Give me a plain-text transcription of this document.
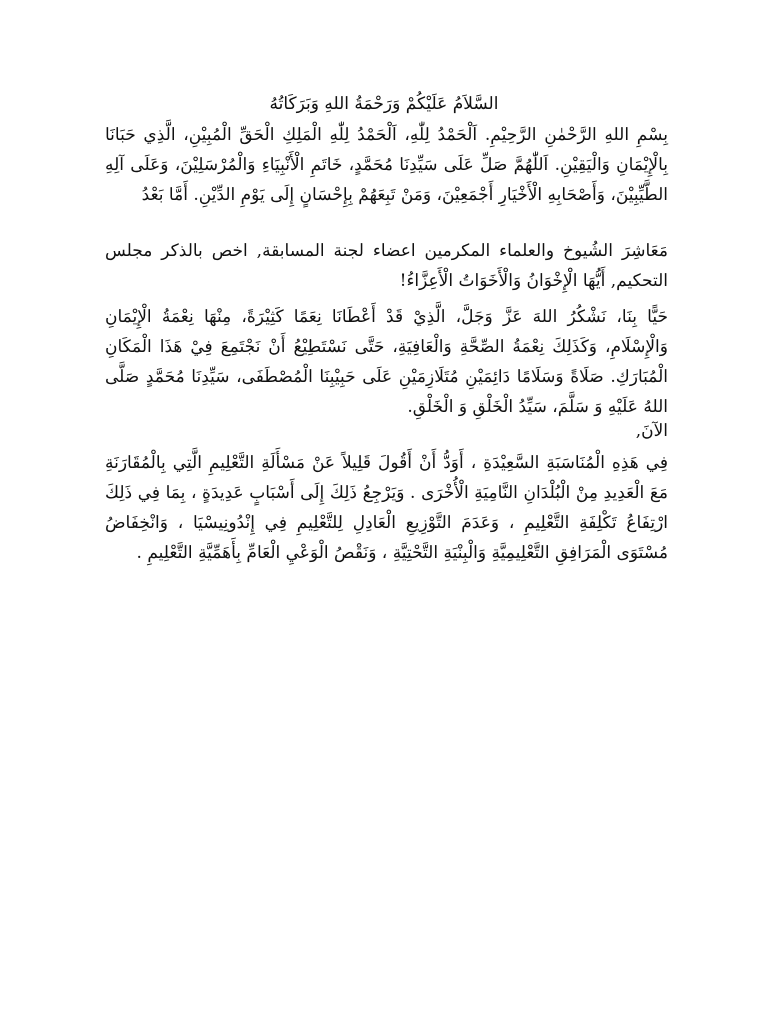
السَّلاَمُ عَلَيْكُمْ وَرَحْمَةُ اللهِ وَبَرَكَاتُهُ

بِسْمِ اللهِ الرَّحْمٰنِ الرَّحِيْمِ. اَلْحَمْدُ لِلّٰهِ، اَلْحَمْدُ لِلّٰهِ الْمَلِكِ الْحَقِّ الْمُبِيْنِ، الَّذِي حَبَانَا بِالْإِيْمَانِ وَالْيَقِيْنِ. اَللّٰهُمَّ صَلِّ عَلَى سَيِّدِنَا مُحَمَّدٍ، خَاتَمِ الْأَنْبِيَاءِ وَالْمُرْسَلِيْنَ، وَعَلَى آلِهِ الطَّيِّبِيْنَ، وَأَصْحَابِهِ الْأَخْيَارِ أَجْمَعِيْنَ، وَمَنْ تَبِعَهُمْ بِإِحْسَانٍ إِلَى يَوْمِ الدِّيْنِ. أَمَّا بَعْدُ

مَعَاشِرَ الشُيوخ والعلماء المكرمين اعضاء لجنة المسابقة, اخص بالذكر مجلس التحكيم, أَيُّهَا الْإِخْوَانُ وَالْأَخَوَاتُ الْأَعِزَّاءُ!

حَيًّا بِنَا، نَشْكُرُ اللهَ عَزَّ وَجَلَّ، الَّذِيْ قَدْ أَعْطَانَا نِعَمًا كَثِيْرَةً، مِنْهَا نِعْمَةُ الْإِيْمَانِ وَالْإِسْلَامِ، وَكَذَلِكَ نِعْمَةُ الصِّحَّةِ وَالْعَافِيَةِ، حَتَّى نَسْتَطِيْعُ أَنْ نَجْتَمِعَ فِيْ هَذَا الْمَكَانِ الْمُبَارَكِ. صَلَاةً وَسَلَامًا دَائِمَيْنِ مُتَلَازِمَيْنِ عَلَى حَبِيْبِنَا الْمُصْطَفَى، سَيِّدِنَا مُحَمَّدٍ صَلَّى اللهُ عَلَيْهِ وَ سَلَّمَ، سَيِّدُ الْخَلْقِ وَ الْخَلْقِ.

الآنَ,

فِي هَذِهِ الْمُنَاسَبَةِ السَّعِيْدَةِ ، أَوَدُّ أَنْ أَقُولَ قَلِيلاً عَنْ مَسْأَلَةِ التَّعْلِيمِ الَّتِي بِالْمُقَارَنَةِ مَعَ الْعَدِيدِ مِنْ الْبُلْدَانِ النَّامِيَةِ الْأُخْرَى . وَيَرْجِعُ ذَلِكَ إِلَى أَسْبَابٍ عَدِيدَةٍ ، بِمَا فِي ذَلِكَ ارْتِفَاعُ تَكْلِفَةِ التَّعْلِيمِ ، وَعَدَمَ التَّوْزِيعِ الْعَادِلِ لِلتَّعْلِيمِ فِي إِنْدُونِيسْيَا ، وَانْخِفَاضُ مُسْتَوَى الْمَرَافِقِ التَّعْلِيمِيَّةِ وَالْبِنْيَةِ التَّحْتِيَّةِ ، وَنَقْصُ الْوَعْيِ الْعَامِّ بِأَهَمِّيَّةِ التَّعْلِيمِ .
